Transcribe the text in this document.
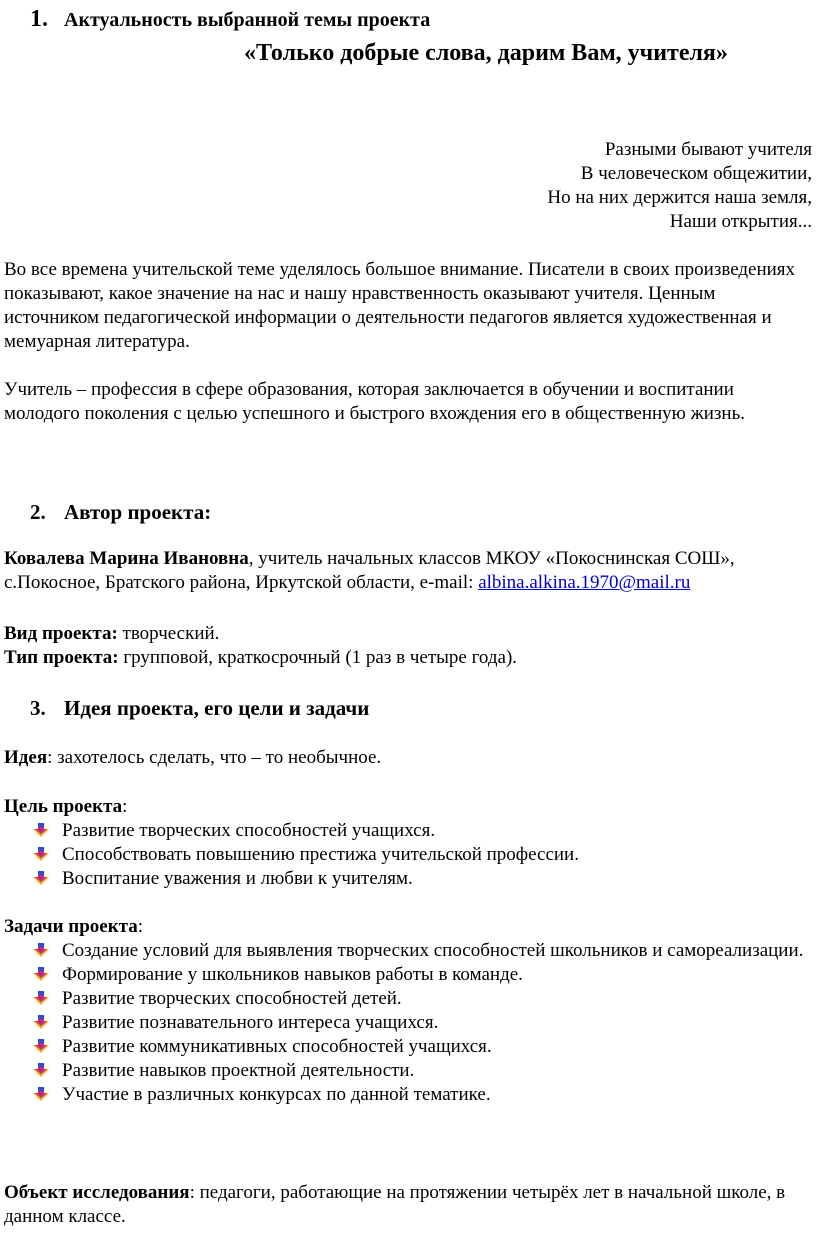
1. Актуальность выбранной темы проекта
«Только добрые слова, дарим Вам, учителя»
Разными бывают учителя
В человеческом общежитии,
Но на них держится наша земля,
Наши открытия...
Во все времена учительской теме уделялось большое внимание. Писатели в своих произведениях показывают, какое значение на нас и нашу нравственность оказывают учителя. Ценным источником педагогической информации о деятельности педагогов является художественная и мемуарная литература.
Учитель – профессия в сфере образования, которая заключается в обучении и воспитании молодого поколения с целью успешного и быстрого вхождения его в общественную жизнь.
2. Автор проекта:
Ковалева Марина Ивановна, учитель начальных классов МКОУ «Покоснинская СОШ», с.Покосное, Братского района, Иркутской области, e-mail: albina.alkina.1970@mail.ru
Вид проекта: творческий.
Тип проекта: групповой, краткосрочный (1 раз в четыре года).
3. Идея проекта, его цели и задачи
Идея: захотелось сделать, что – то необычное.
Цель проекта:
Развитие творческих способностей учащихся.
Способствовать повышению престижа учительской профессии.
Воспитание уважения и любви к учителям.
Задачи проекта:
Создание условий для выявления творческих способностей школьников и самореализации.
Формирование у школьников навыков работы в команде.
Развитие творческих способностей детей.
Развитие познавательного интереса учащихся.
Развитие коммуникативных способностей учащихся.
Развитие навыков проектной деятельности.
Участие в различных конкурсах по данной тематике.
Объект исследования: педагоги, работающие на протяжении четырёх лет в начальной школе, в данном классе.
